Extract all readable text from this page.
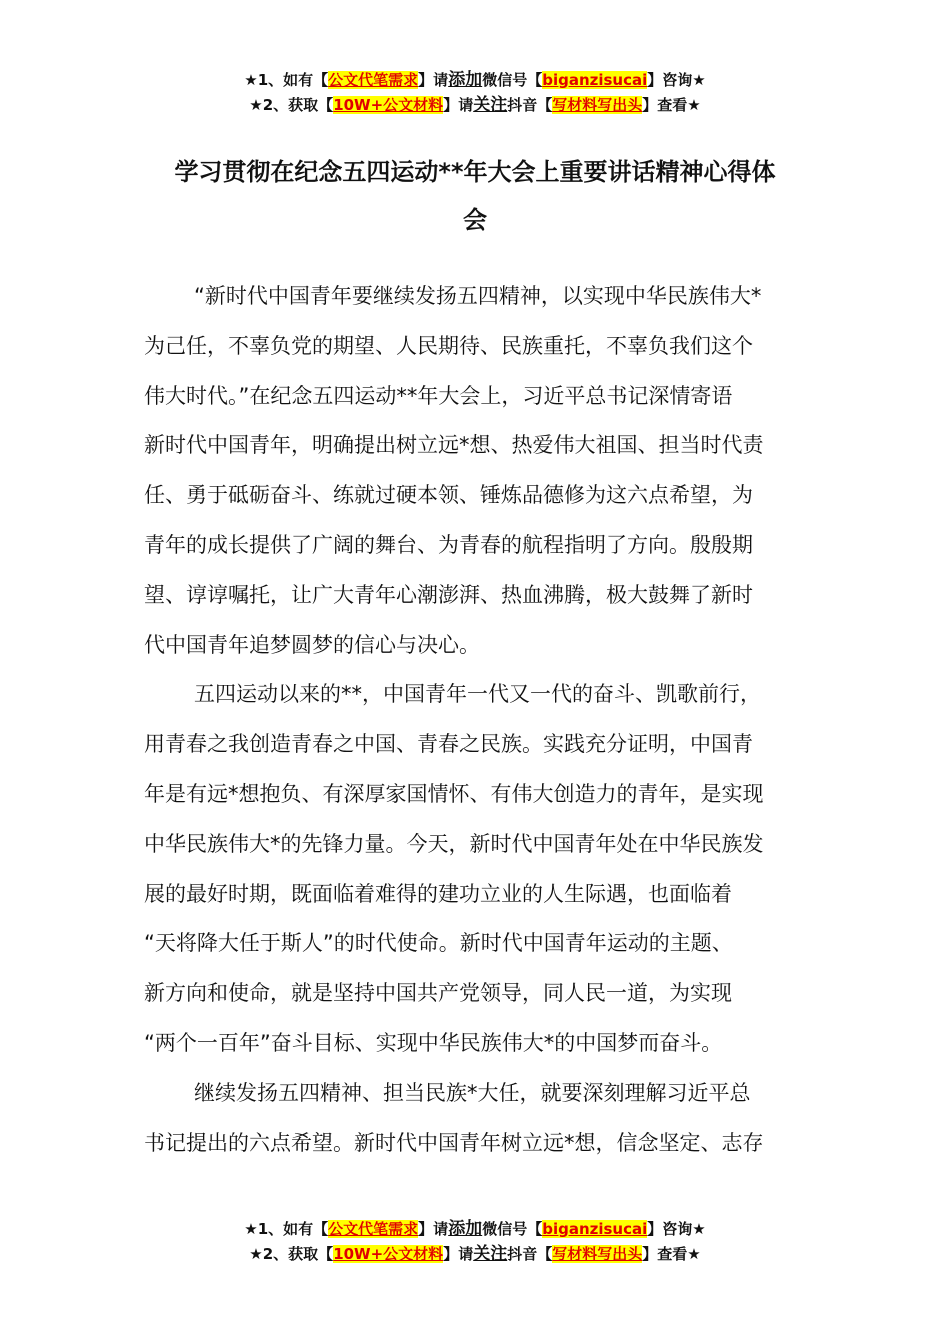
★1、如有【公文代笔需求】请添加微信号【biganzisucai】咨询★
★2、获取【10W+公文材料】请关注抖音【写材料写出头】查看★
学习贯彻在纪念五四运动**年大会上重要讲话精神心得体
会
“新时代中国青年要继续发扬五四精神，以实现中华民族伟大*
为己任，不辜负党的期望、人民期待、民族重托，不辜负我们这个
伟大时代。”在纪念五四运动**年大会上，习近平总书记深情寄语
新时代中国青年，明确提出树立远*想、热爱伟大祖国、担当时代责
任、勇于砥砺奋斗、练就过硬本领、锤炼品德修为这六点希望，为
青年的成长提供了广阔的舞台、为青春的航程指明了方向。殷殷期
望、谆谆嘱托，让广大青年心潮澎湃、热血沸腾，极大鼓舞了新时
代中国青年追梦圆梦的信心与决心。
五四运动以来的**，中国青年一代又一代的奋斗、凯歌前行，
用青春之我创造青春之中国、青春之民族。实践充分证明，中国青
年是有远*想抱负、有深厚家国情怀、有伟大创造力的青年，是实现
中华民族伟大*的先锋力量。今天，新时代中国青年处在中华民族发
展的最好时期，既面临着难得的建功立业的人生际遇，也面临着
“天将降大任于斯人”的时代使命。新时代中国青年运动的主题、
新方向和使命，就是坚持中国共产党领导，同人民一道，为实现
“两个一百年”奋斗目标、实现中华民族伟大*的中国梦而奋斗。
继续发扬五四精神、担当民族*大任，就要深刻理解习近平总
书记提出的六点希望。新时代中国青年树立远*想，信念坚定、志存
★1、如有【公文代笔需求】请添加微信号【biganzisucai】咨询★
★2、获取【10W+公文材料】请关注抖音【写材料写出头】查看★
